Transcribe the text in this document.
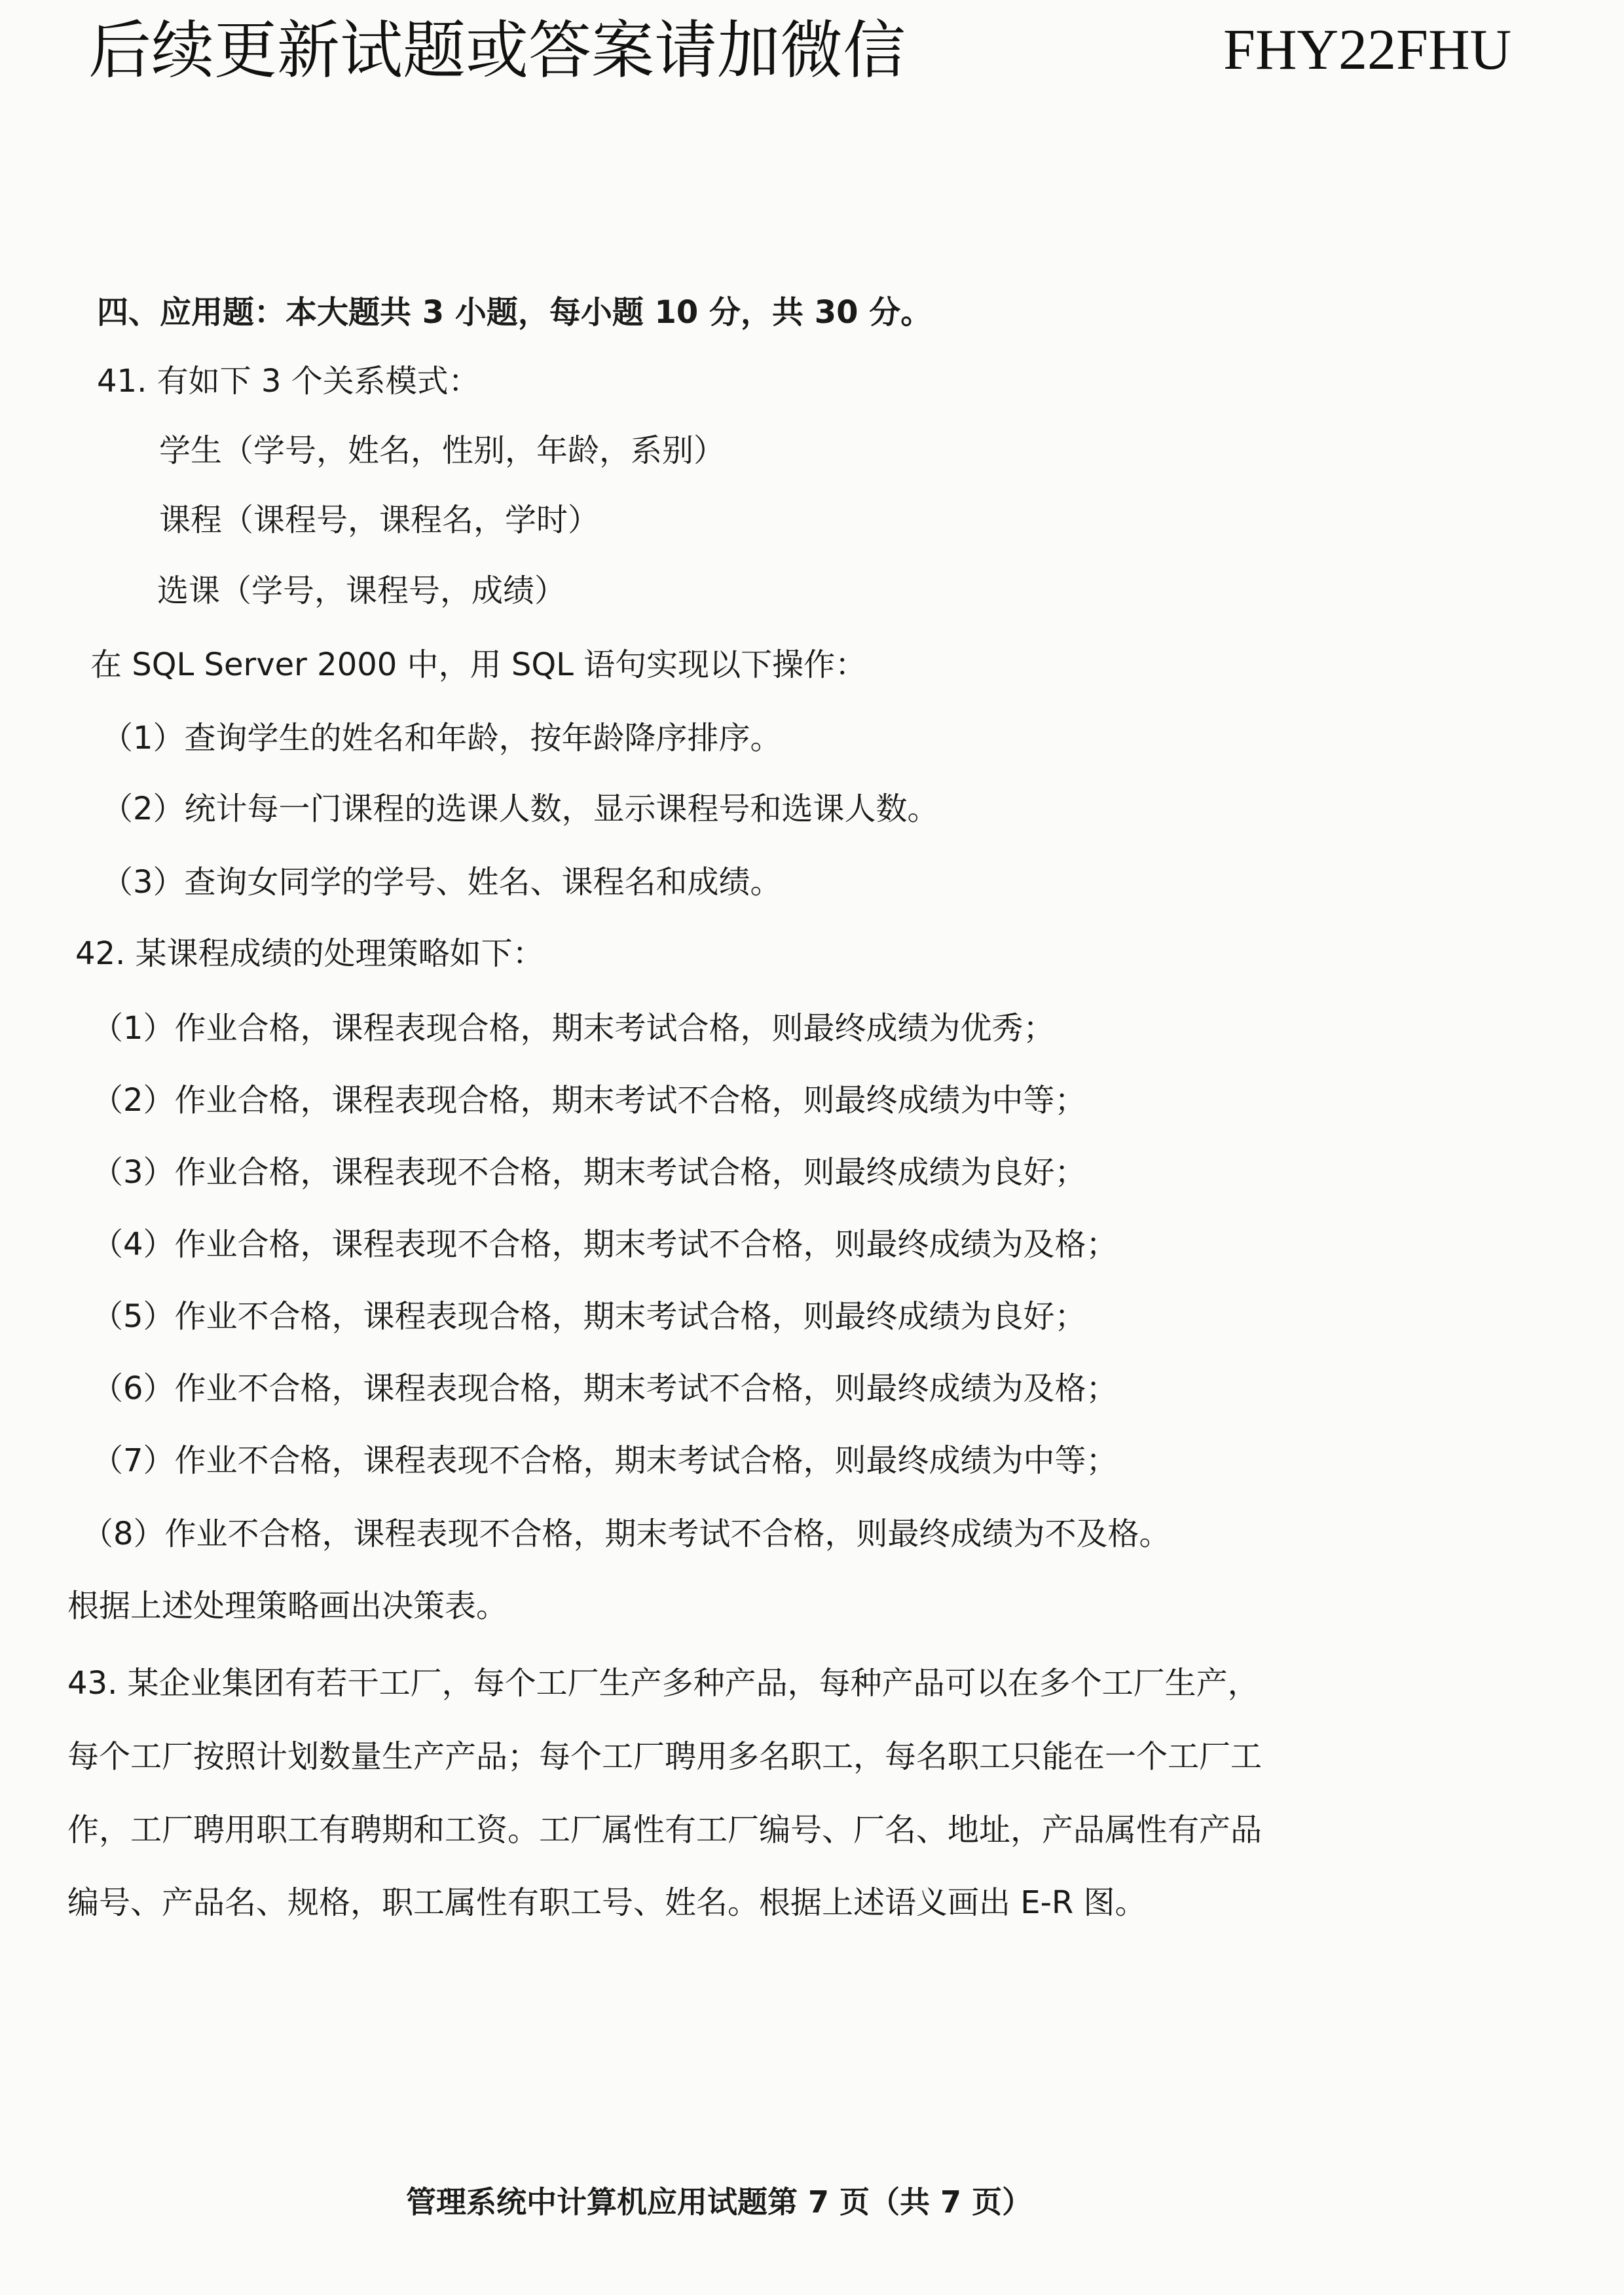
后续更新试题或答案请加微信	FHY22FHU
四、应用题：本大题共 3 小题，每小题 10 分，共 30 分。
41. 有如下 3 个关系模式：
学生（学号，姓名，性别，年龄，系别）
课程（课程号，课程名，学时）
选课（学号，课程号，成绩）
在 SQL Server 2000 中，用 SQL 语句实现以下操作：
（1）查询学生的姓名和年龄，按年龄降序排序。
（2）统计每一门课程的选课人数，显示课程号和选课人数。
（3）查询女同学的学号、姓名、课程名和成绩。
42. 某课程成绩的处理策略如下：
（1）作业合格，课程表现合格，期末考试合格，则最终成绩为优秀；
（2）作业合格，课程表现合格，期末考试不合格，则最终成绩为中等；
（3）作业合格，课程表现不合格，期末考试合格，则最终成绩为良好；
（4）作业合格，课程表现不合格，期末考试不合格，则最终成绩为及格；
（5）作业不合格，课程表现合格，期末考试合格，则最终成绩为良好；
（6）作业不合格，课程表现合格，期末考试不合格，则最终成绩为及格；
（7）作业不合格，课程表现不合格，期末考试合格，则最终成绩为中等；
（8）作业不合格，课程表现不合格，期末考试不合格，则最终成绩为不及格。
根据上述处理策略画出决策表。
43. 某企业集团有若干工厂，每个工厂生产多种产品，每种产品可以在多个工厂生产，
每个工厂按照计划数量生产产品；每个工厂聘用多名职工，每名职工只能在一个工厂工
作，工厂聘用职工有聘期和工资。工厂属性有工厂编号、厂名、地址，产品属性有产品
编号、产品名、规格，职工属性有职工号、姓名。根据上述语义画出 E-R 图。
管理系统中计算机应用试题第 7 页（共 7 页）
